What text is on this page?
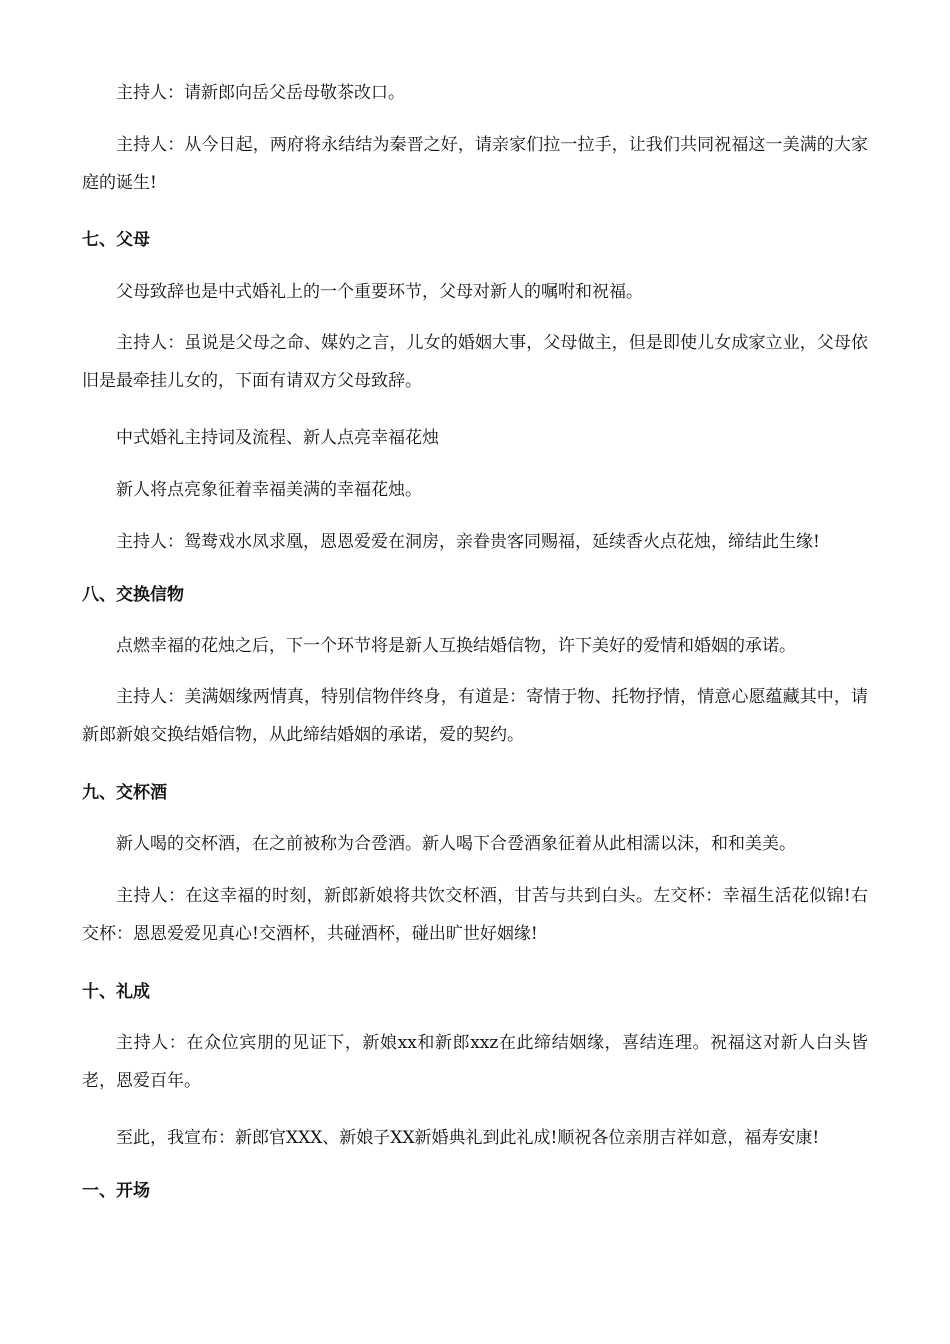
主持人：请新郎向岳父岳母敬茶改口。

主持人：从今日起，两府将永结结为秦晋之好，请亲家们拉一拉手，让我们共同祝福这一美满的大家庭的诞生!

七、父母

父母致辞也是中式婚礼上的一个重要环节，父母对新人的嘱咐和祝福。

主持人：虽说是父母之命、媒妁之言，儿女的婚姻大事，父母做主，但是即使儿女成家立业，父母依旧是最牵挂儿女的，下面有请双方父母致辞。

中式婚礼主持词及流程、新人点亮幸福花烛

新人将点亮象征着幸福美满的幸福花烛。

主持人：鸳鸯戏水凤求凰，恩恩爱爱在洞房，亲眷贵客同赐福，延续香火点花烛，缔结此生缘!

八、交换信物

点燃幸福的花烛之后，下一个环节将是新人互换结婚信物，许下美好的爱情和婚姻的承诺。

主持人：美满姻缘两情真，特别信物伴终身，有道是：寄情于物、托物抒情，情意心愿蕴藏其中，请新郎新娘交换结婚信物，从此缔结婚姻的承诺，爱的契约。

九、交杯酒

新人喝的交杯酒，在之前被称为合卺酒。新人喝下合卺酒象征着从此相濡以沫，和和美美。

主持人：在这幸福的时刻，新郎新娘将共饮交杯酒，甘苦与共到白头。左交杯：幸福生活花似锦!右交杯：恩恩爱爱见真心!交酒杯，共碰酒杯，碰出旷世好姻缘!

十、礼成

主持人：在众位宾朋的见证下，新娘xx和新郎xxz在此缔结姻缘，喜结连理。祝福这对新人白头皆老，恩爱百年。

至此，我宣布：新郎官XXX、新娘子XX新婚典礼到此礼成!顺祝各位亲朋吉祥如意，福寿安康!

一、开场
